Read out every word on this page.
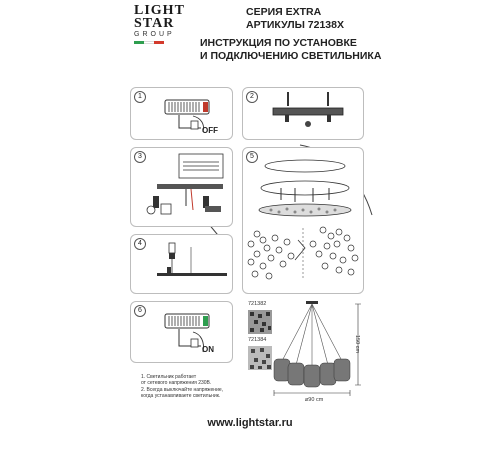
LIGHT
STAR
GROUP
СЕРИЯ EXTRA
АРТИКУЛЫ 72138X
ИНСТРУКЦИЯ ПО УСТАНОВКЕ
И ПОДКЛЮЧЕНИЮ СВЕТИЛЬНИКА
1
OFF
2
3
4
5
6
ON
721382
721384	150 cm
⌀90 cm
1. Светильник работает
от сетевого напряжения 230В.
2. Всегда выключайте напряжение,
когда устанавливаете светильник.
www.lightstar.ru
